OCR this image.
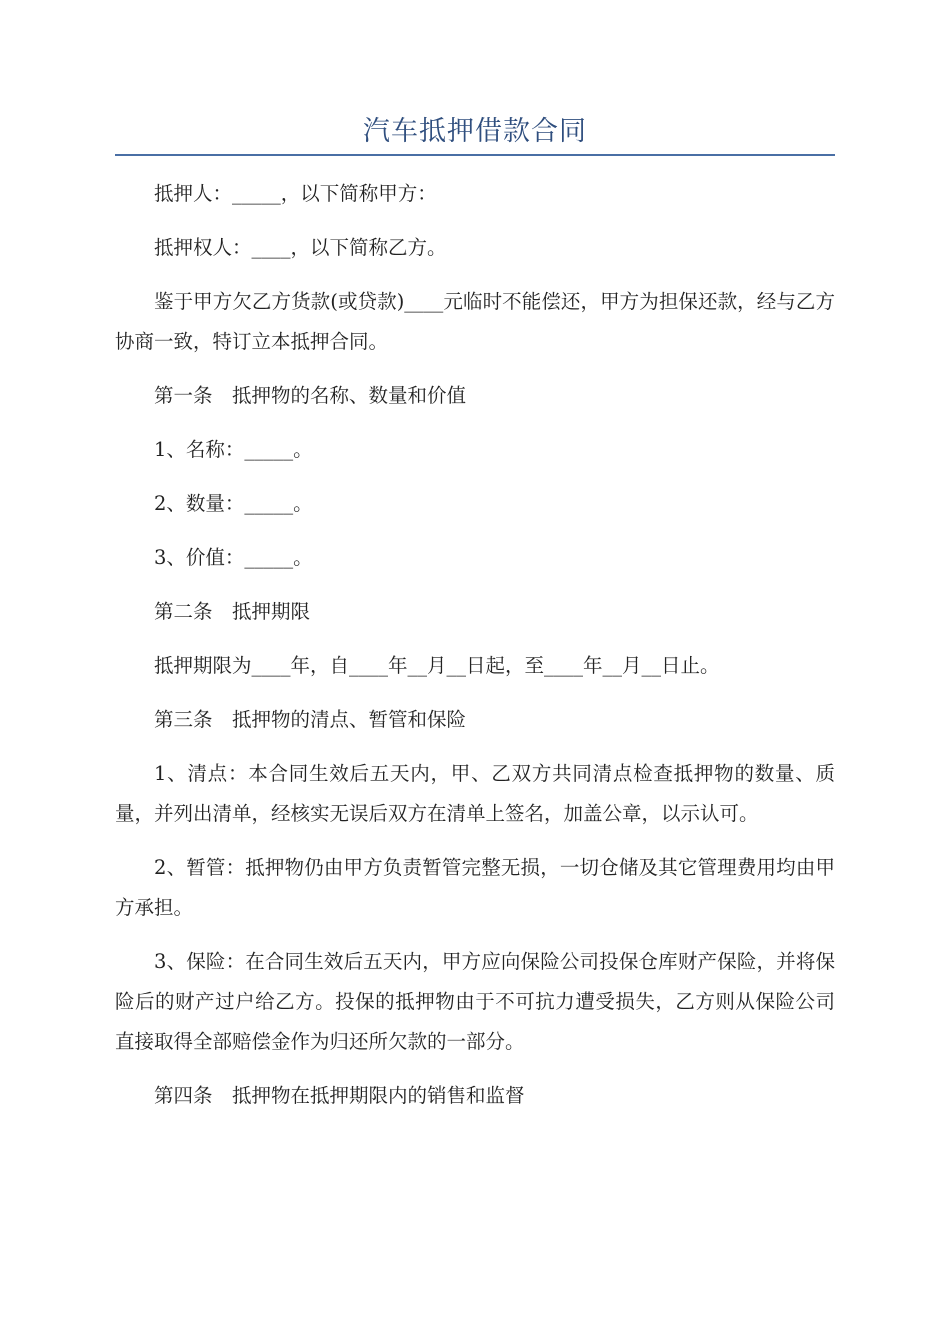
汽车抵押借款合同

抵押人：_____，以下简称甲方：

抵押权人：____，以下简称乙方。

鉴于甲方欠乙方货款(或贷款)____元临时不能偿还，甲方为担保还款，经与乙方协商一致，特订立本抵押合同。

第一条　抵押物的名称、数量和价值

1、名称：_____。

2、数量：_____。

3、价值：_____。

第二条　抵押期限

抵押期限为____年，自____年__月__日起，至____年__月__日止。

第三条　抵押物的清点、暂管和保险

1、清点：本合同生效后五天内，甲、乙双方共同清点检查抵押物的数量、质量，并列出清单，经核实无误后双方在清单上签名，加盖公章，以示认可。

2、暂管：抵押物仍由甲方负责暂管完整无损，一切仓储及其它管理费用均由甲方承担。

3、保险：在合同生效后五天内，甲方应向保险公司投保仓库财产保险，并将保险后的财产过户给乙方。投保的抵押物由于不可抗力遭受损失，乙方则从保险公司直接取得全部赔偿金作为归还所欠款的一部分。

第四条　抵押物在抵押期限内的销售和监督
